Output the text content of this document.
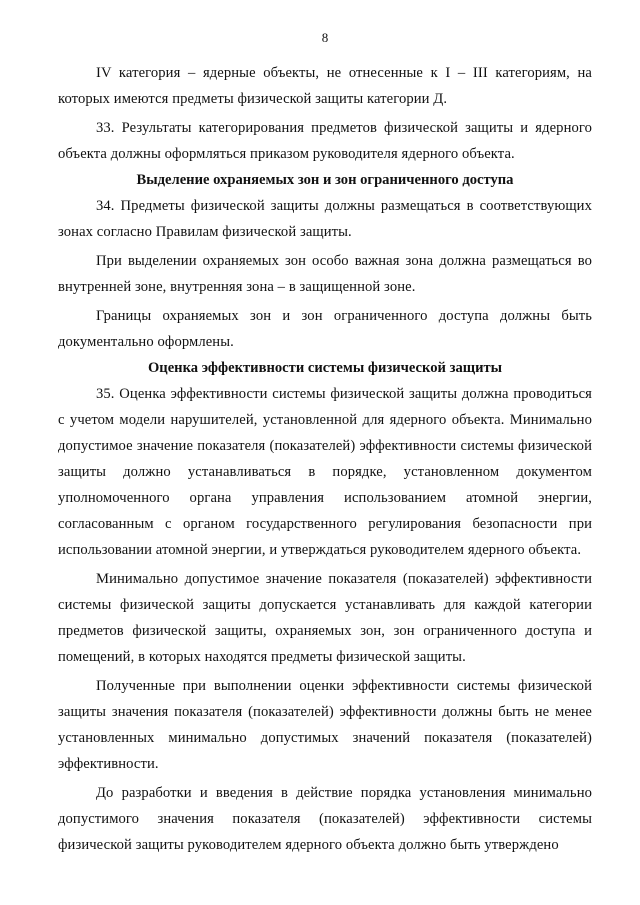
8

IV категория – ядерные объекты, не отнесенные к I – III категориям, на которых имеются предметы физической защиты категории Д.

33. Результаты категорирования предметов физической защиты и ядерного объекта должны оформляться приказом руководителя ядерного объекта.

Выделение охраняемых зон и зон ограниченного доступа

34. Предметы физической защиты должны размещаться в соответствующих зонах согласно Правилам физической защиты.

При выделении охраняемых зон особо важная зона должна размещаться во внутренней зоне, внутренняя зона – в защищенной зоне.

Границы охраняемых зон и зон ограниченного доступа должны быть документально оформлены.

Оценка эффективности системы физической защиты

35. Оценка эффективности системы физической защиты должна проводиться с учетом модели нарушителей, установленной для ядерного объекта. Минимально допустимое значение показателя (показателей) эффективности системы физической защиты должно устанавливаться в порядке, установленном документом уполномоченного органа управления использованием атомной энергии, согласованным с органом государственного регулирования безопасности при использовании атомной энергии, и утверждаться руководителем ядерного объекта.

Минимально допустимое значение показателя (показателей) эффективности системы физической защиты допускается устанавливать для каждой категории предметов физической защиты, охраняемых зон, зон ограниченного доступа и помещений, в которых находятся предметы физической защиты.

Полученные при выполнении оценки эффективности системы физической защиты значения показателя (показателей) эффективности должны быть не менее установленных минимально допустимых значений показателя (показателей) эффективности.

До разработки и введения в действие порядка установления минимально допустимого значения показателя (показателей) эффективности системы физической защиты руководителем ядерного объекта должно быть утверждено
